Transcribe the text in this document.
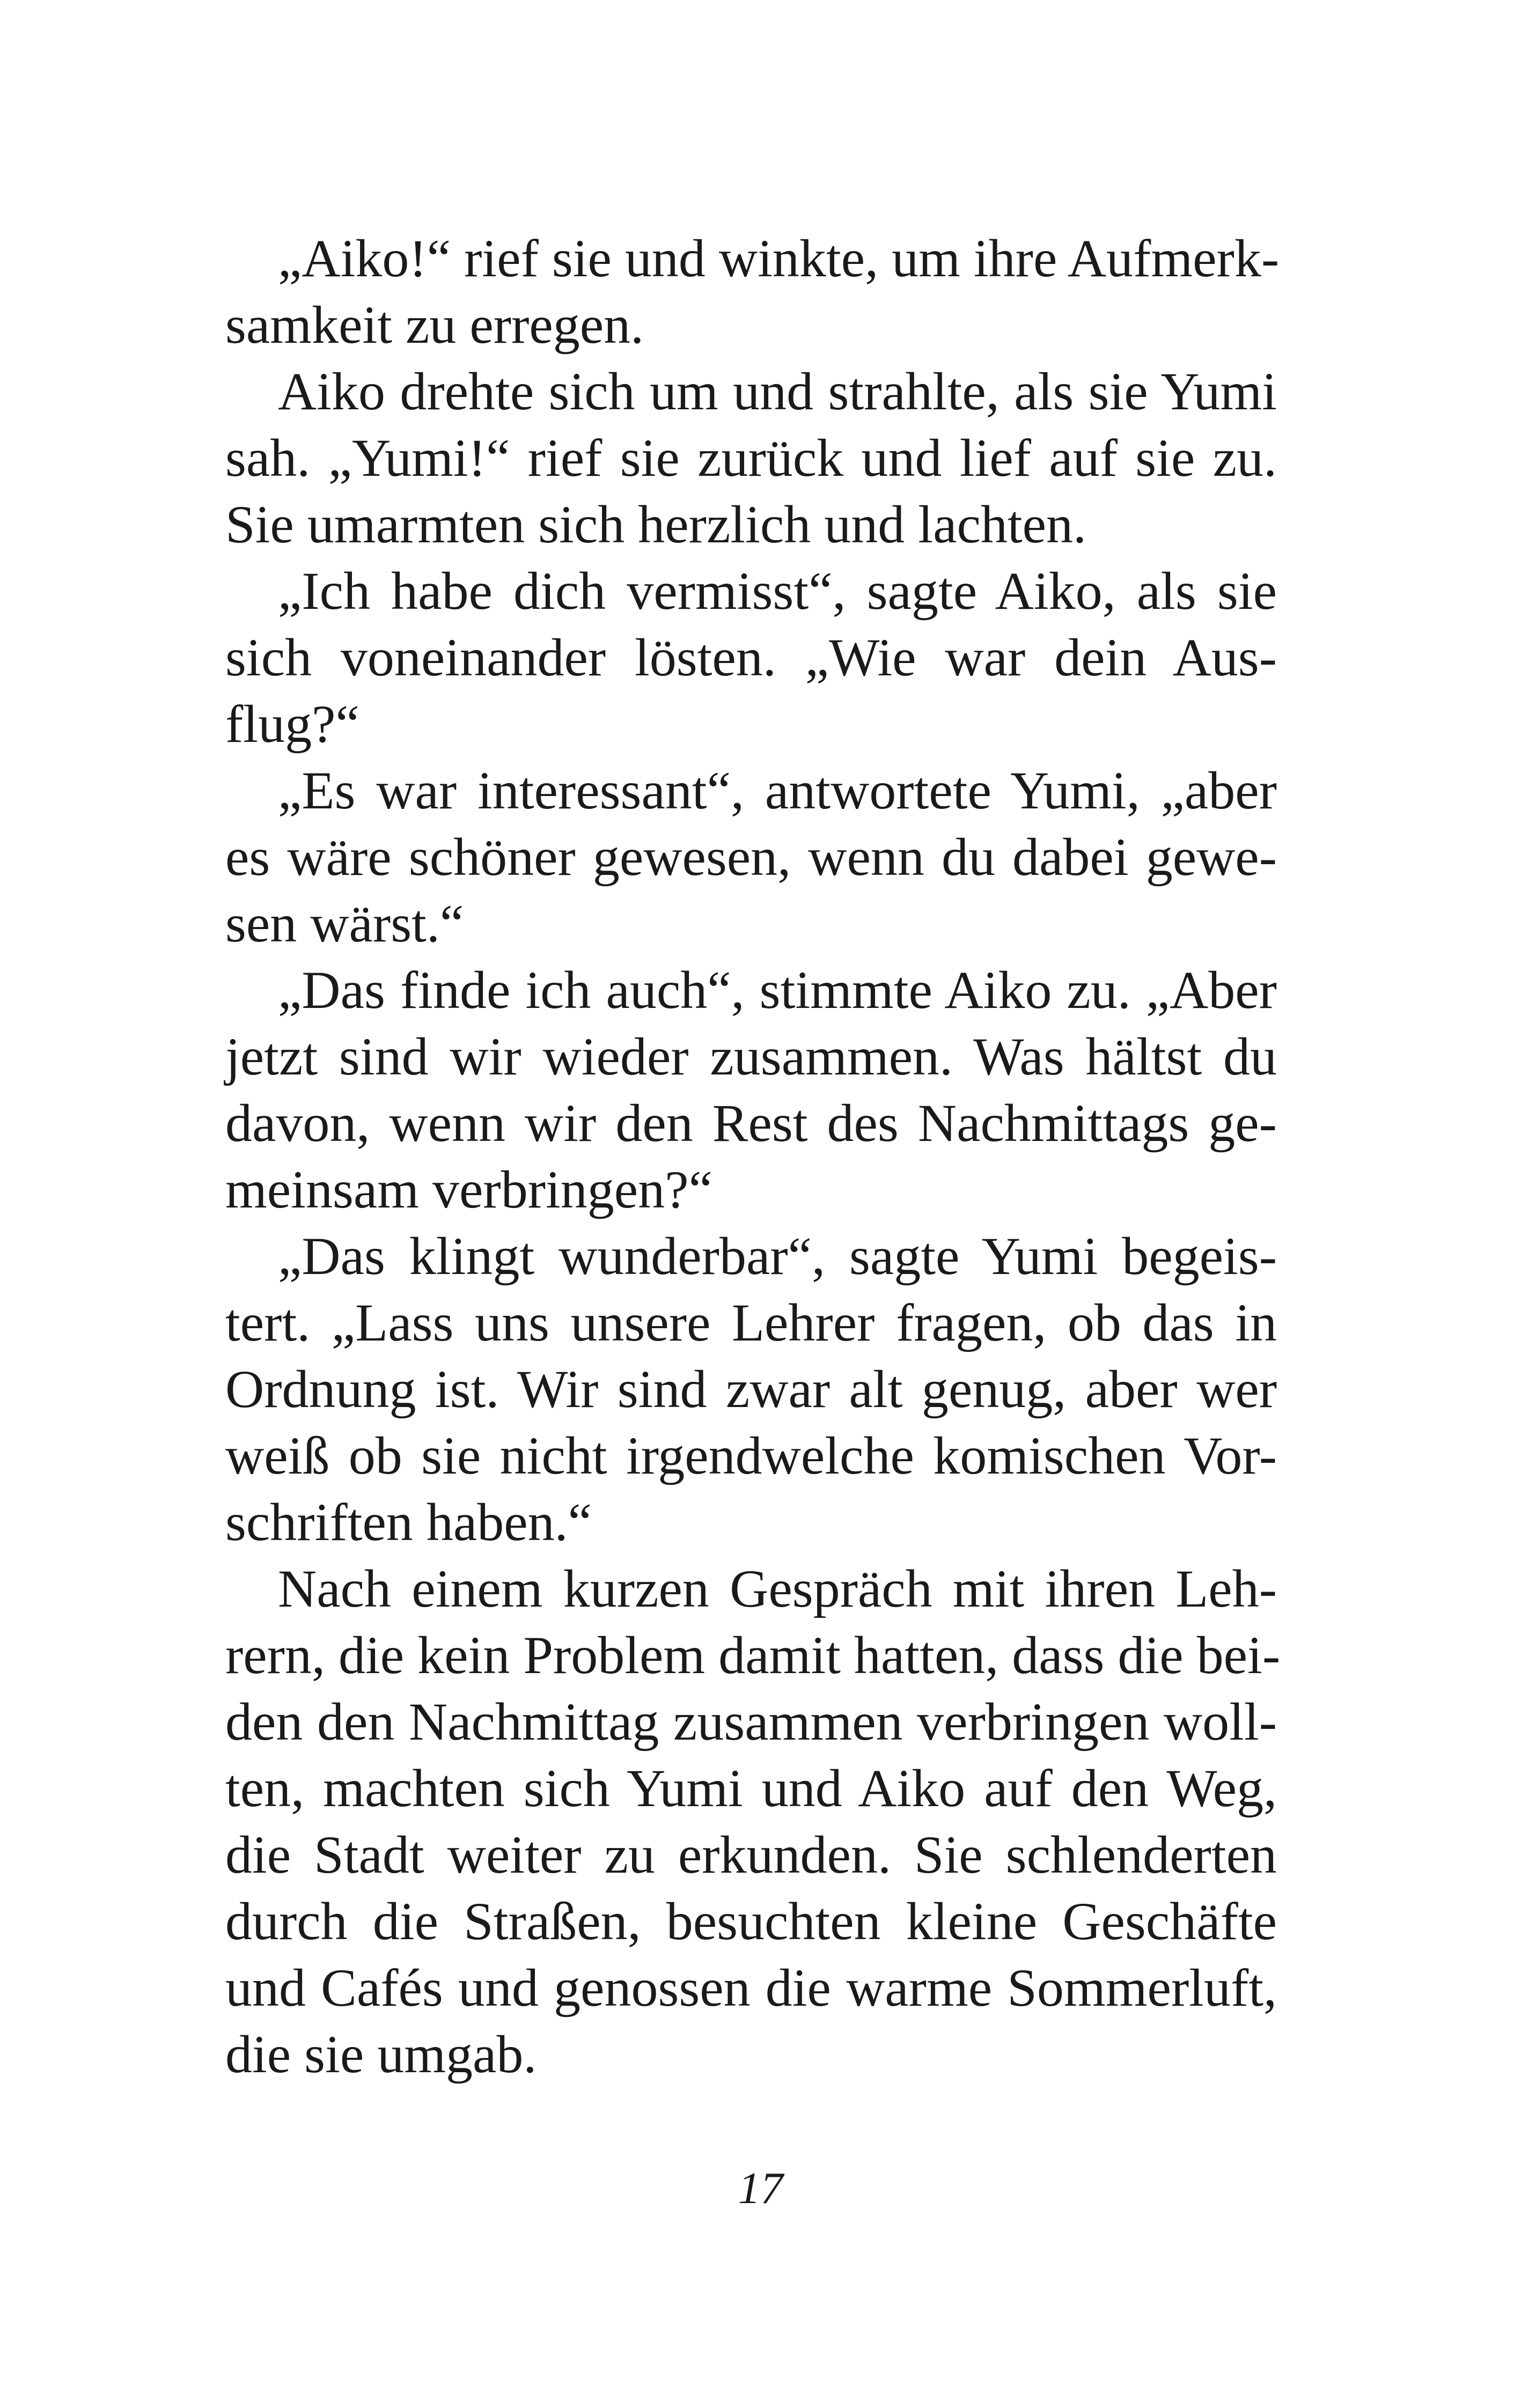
„Aiko!“ rief sie und winkte, um ihre Aufmerk-
samkeit zu erregen.
Aiko drehte sich um und strahlte, als sie Yumi
sah. „Yumi!“ rief sie zurück und lief auf sie zu.
Sie umarmten sich herzlich und lachten.
„Ich habe dich vermisst“, sagte Aiko, als sie
sich voneinander lösten. „Wie war dein Aus-
flug?“
„Es war interessant“, antwortete Yumi, „aber
es wäre schöner gewesen, wenn du dabei gewe-
sen wärst.“
„Das finde ich auch“, stimmte Aiko zu. „Aber
jetzt sind wir wieder zusammen. Was hältst du
davon, wenn wir den Rest des Nachmittags ge-
meinsam verbringen?“
„Das klingt wunderbar“, sagte Yumi begeis-
tert. „Lass uns unsere Lehrer fragen, ob das in
Ordnung ist. Wir sind zwar alt genug, aber wer
weiß ob sie nicht irgendwelche komischen Vor-
schriften haben.“
Nach einem kurzen Gespräch mit ihren Leh-
rern, die kein Problem damit hatten, dass die bei-
den den Nachmittag zusammen verbringen woll-
ten, machten sich Yumi und Aiko auf den Weg,
die Stadt weiter zu erkunden. Sie schlenderten
durch die Straßen, besuchten kleine Geschäfte
und Cafés und genossen die warme Sommerluft,
die sie umgab.
17
